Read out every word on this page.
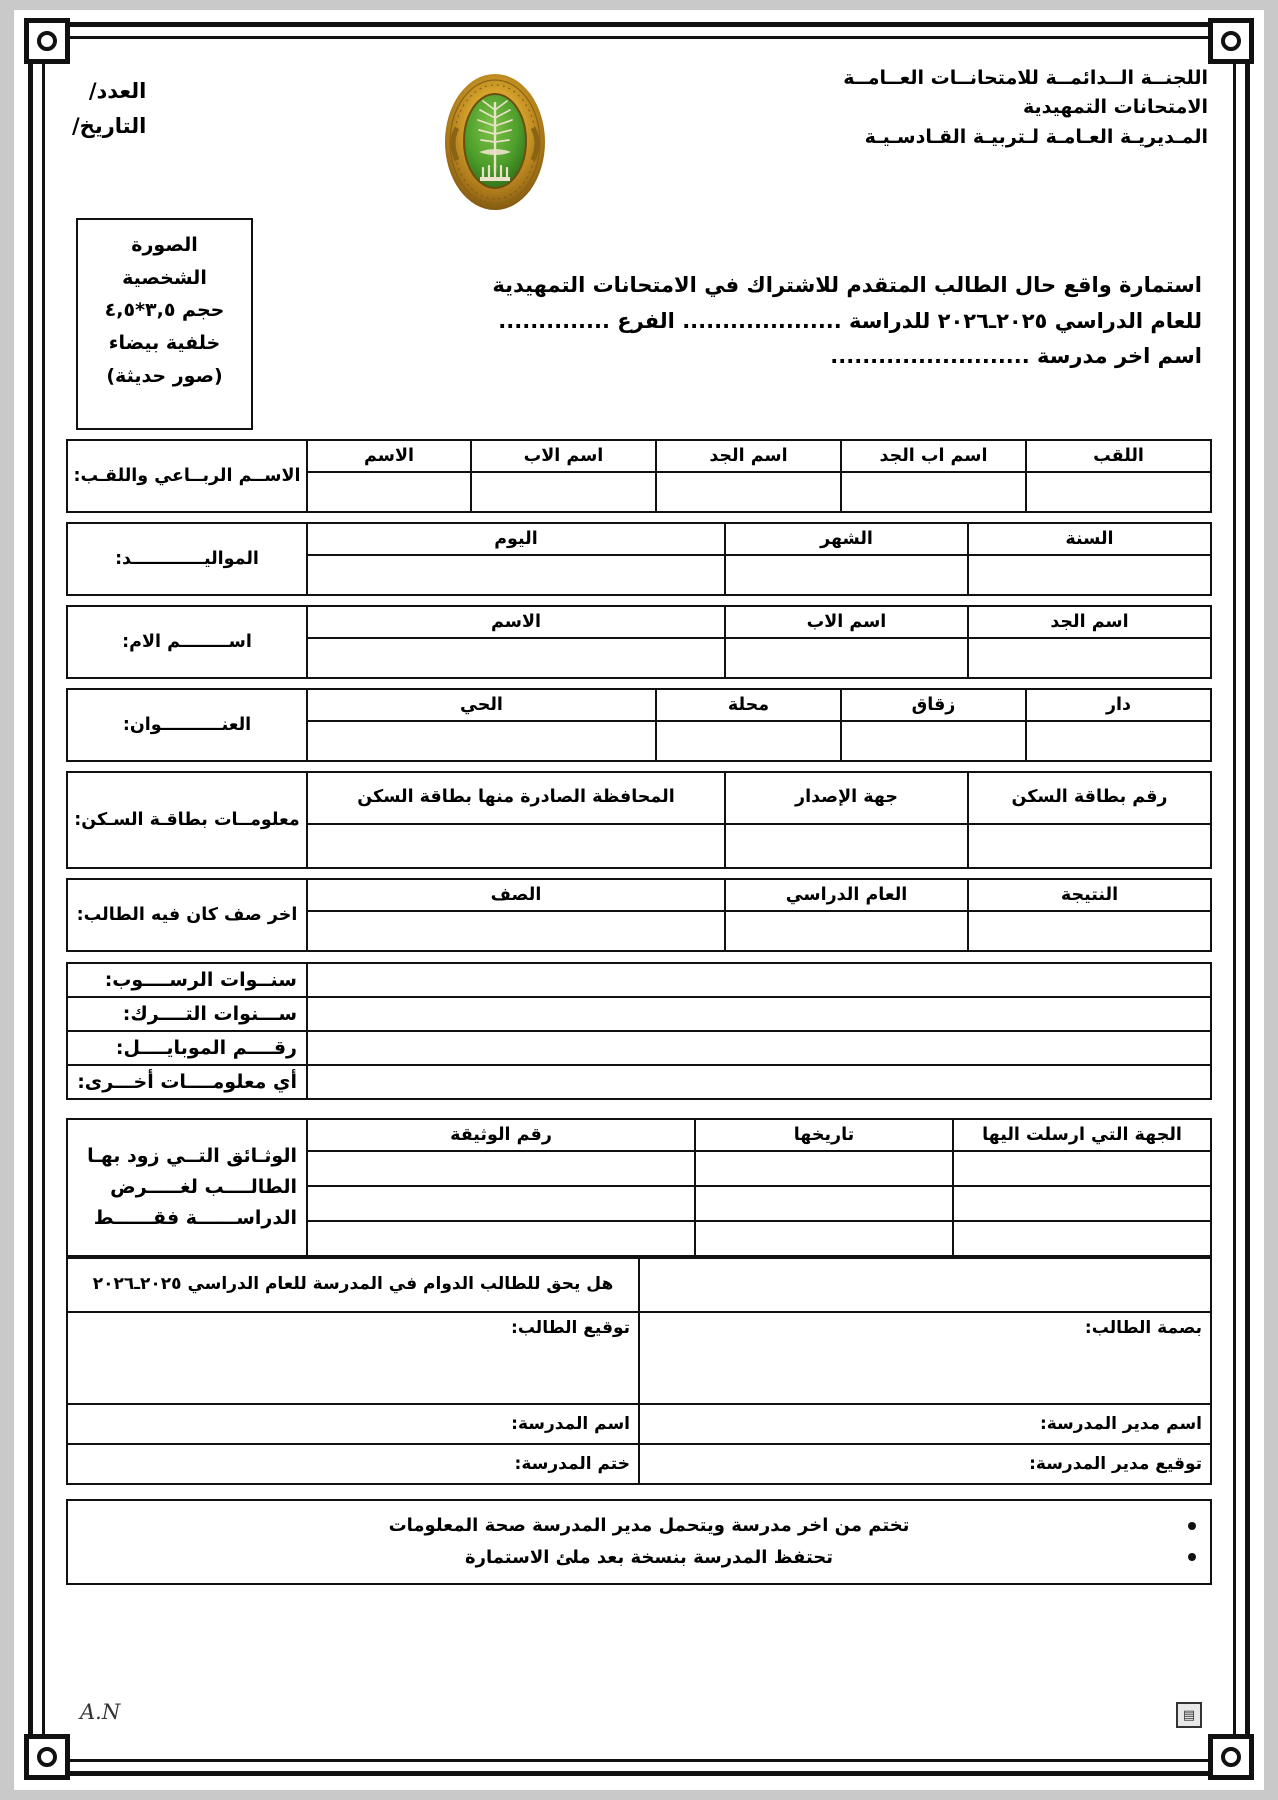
اللجنــة الــدائمــة للامتحانــات العــامــة
الامتحانات التمهيدية
المـديريـة العـامـة لـتربيـة القـادسـيـة
العدد/
التاريخ/
استمارة واقع حال الطالب المتقدم للاشتراك في الامتحانات التمهيدية
للعام الدراسي ٢٠٢٥ـ٢٠٢٦ للدراسة .................... الفرع ..............
اسم اخر مدرسة .........................
الصورة
الشخصية
حجم ٣,٥*٤,٥
خلفية بيضاء
(صور حديثة)
اللقب	اسم اب الجد	اسم الجد	اسم الاب	الاسم	الاســم الربــاعي واللقـب:

السنة	الشهر	اليوم	المواليــــــــــــد:

اسم الجد	اسم الاب	الاسم	اســــــــم الام:

دار	زقاق	محلة	الحي	العنــــــــــوان:

رقم بطاقة السكن	جهة الإصدار	المحافظة الصادرة منها بطاقة السكن	معلومــات بطاقـة السـكن:

النتيجة	العام الدراسي	الصف	اخر صف كان فيه الطالب:

	سنــوات الرســــوب:
	ســـنوات التــــرك:
	رقــــم الموبايــــل:
	أي معلومــــات أخـــرى:
الجهة التي ارسلت اليها	تاريخها	رقم الوثيقة	الوثـائق التــي زود بهـا
الطالــــب لغـــــرض
الدراســــــة فقــــــط

	هل يحق للطالب الدوام في المدرسة للعام الدراسي ٢٠٢٥ـ٢٠٢٦
بصمة الطالب:	توقيع الطالب:
اسم مدير المدرسة:	اسم المدرسة:
توقيع مدير المدرسة:	ختم المدرسة:
تختم من اخر مدرسة ويتحمل مدير المدرسة صحة المعلومات
تحتفظ المدرسة بنسخة بعد ملئ الاستمارة
A.N	▤
